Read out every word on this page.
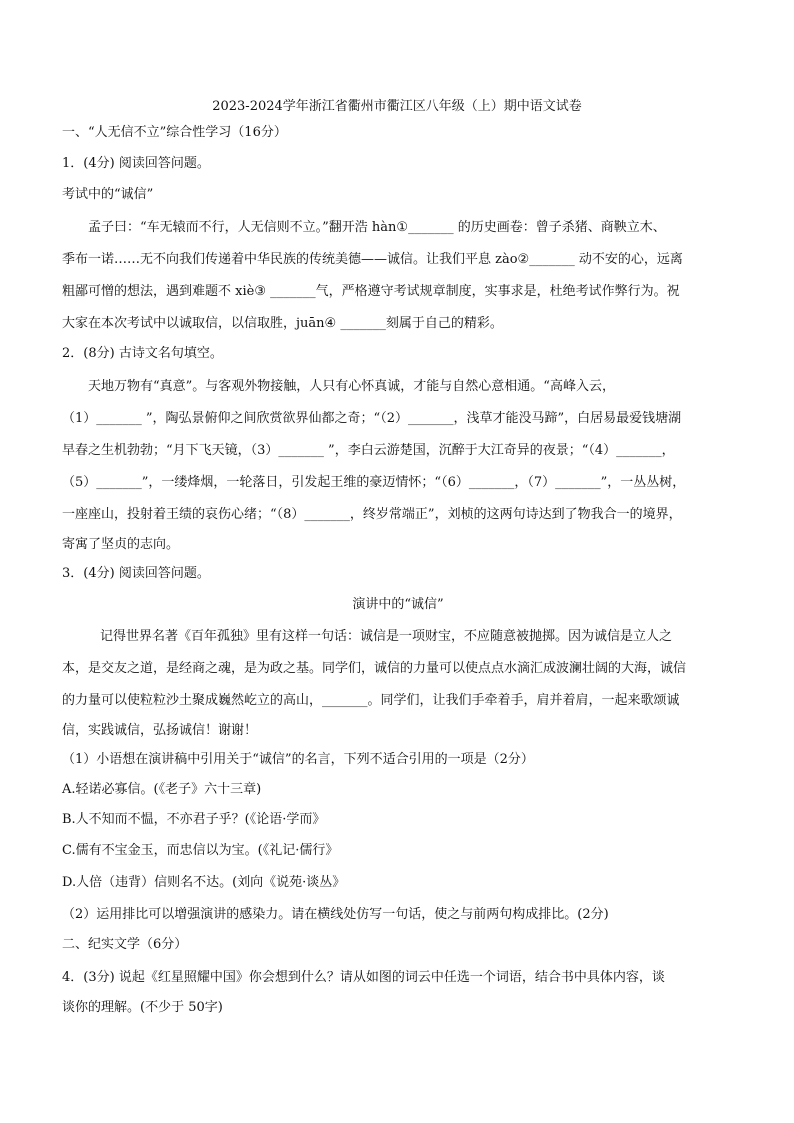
2023-2024学年浙江省衢州市衢江区八年级（上）期中语文试卷
一、“人无信不立”综合性学习（16分）
1．(4分) 阅读回答问题。
考试中的“诚信”
孟子曰：“车无辕而不行，人无信则不立。”翻开浩 hàn①_______ 的历史画卷：曾子杀猪、商鞅立木、
季布一诺……无不向我们传递着中华民族的传统美德——诚信。让我们平息 zào②_______ 动不安的心，远离
粗鄙可憎的想法，遇到难题不 xiè③ _______气，严格遵守考试规章制度，实事求是，杜绝考试作弊行为。祝
大家在本次考试中以诚取信，以信取胜，juān④ _______刻属于自己的精彩。
2．(8分) 古诗文名句填空。
天地万物有“真意”。与客观外物接触，人只有心怀真诚，才能与自然心意相通。“高峰入云，
（1）_______ ”，陶弘景俯仰之间欣赏欲界仙都之奇；“（2）_______，浅草才能没马蹄”，白居易最爱钱塘湖
早春之生机勃勃；“月下飞天镜，（3）_______ ”，李白云游楚国，沉醉于大江奇异的夜景；“（4）_______，
（5）_______”，一缕烽烟，一轮落日，引发起王维的豪迈情怀；“（6）_______，（7）_______”，一丛丛树，
一座座山，投射着王绩的哀伤心绪；“（8）_______，终岁常端正”，刘桢的这两句诗达到了物我合一的境界，
寄寓了坚贞的志向。
3．(4分) 阅读回答问题。
演讲中的“诚信”
记得世界名著《百年孤独》里有这样一句话：诚信是一项财宝，不应随意被抛掷。因为诚信是立人之
本，是交友之道，是经商之魂，是为政之基。同学们，诚信的力量可以使点点水滴汇成波澜壮阔的大海，诚信
的力量可以使粒粒沙土聚成巍然屹立的高山，_______。同学们，让我们手牵着手，肩并着肩，一起来歌颂诚
信，实践诚信，弘扬诚信！谢谢！
（1）小语想在演讲稿中引用关于“诚信”的名言，下列不适合引用的一项是（2分）
A.轻诺必寡信。(《老子》六十三章)
B.人不知而不愠，不亦君子乎？(《论语·学而》
C.儒有不宝金玉，而忠信以为宝。(《礼记·儒行》
D.人倍（违背）信则名不达。(刘向《说苑·谈丛》
（2）运用排比可以增强演讲的感染力。请在横线处仿写一句话，使之与前两句构成排比。(2分)
二、纪实文学（6分）
4．(3分) 说起《红星照耀中国》你会想到什么？请从如图的词云中任选一个词语，结合书中具体内容，谈
谈你的理解。(不少于 50字)
